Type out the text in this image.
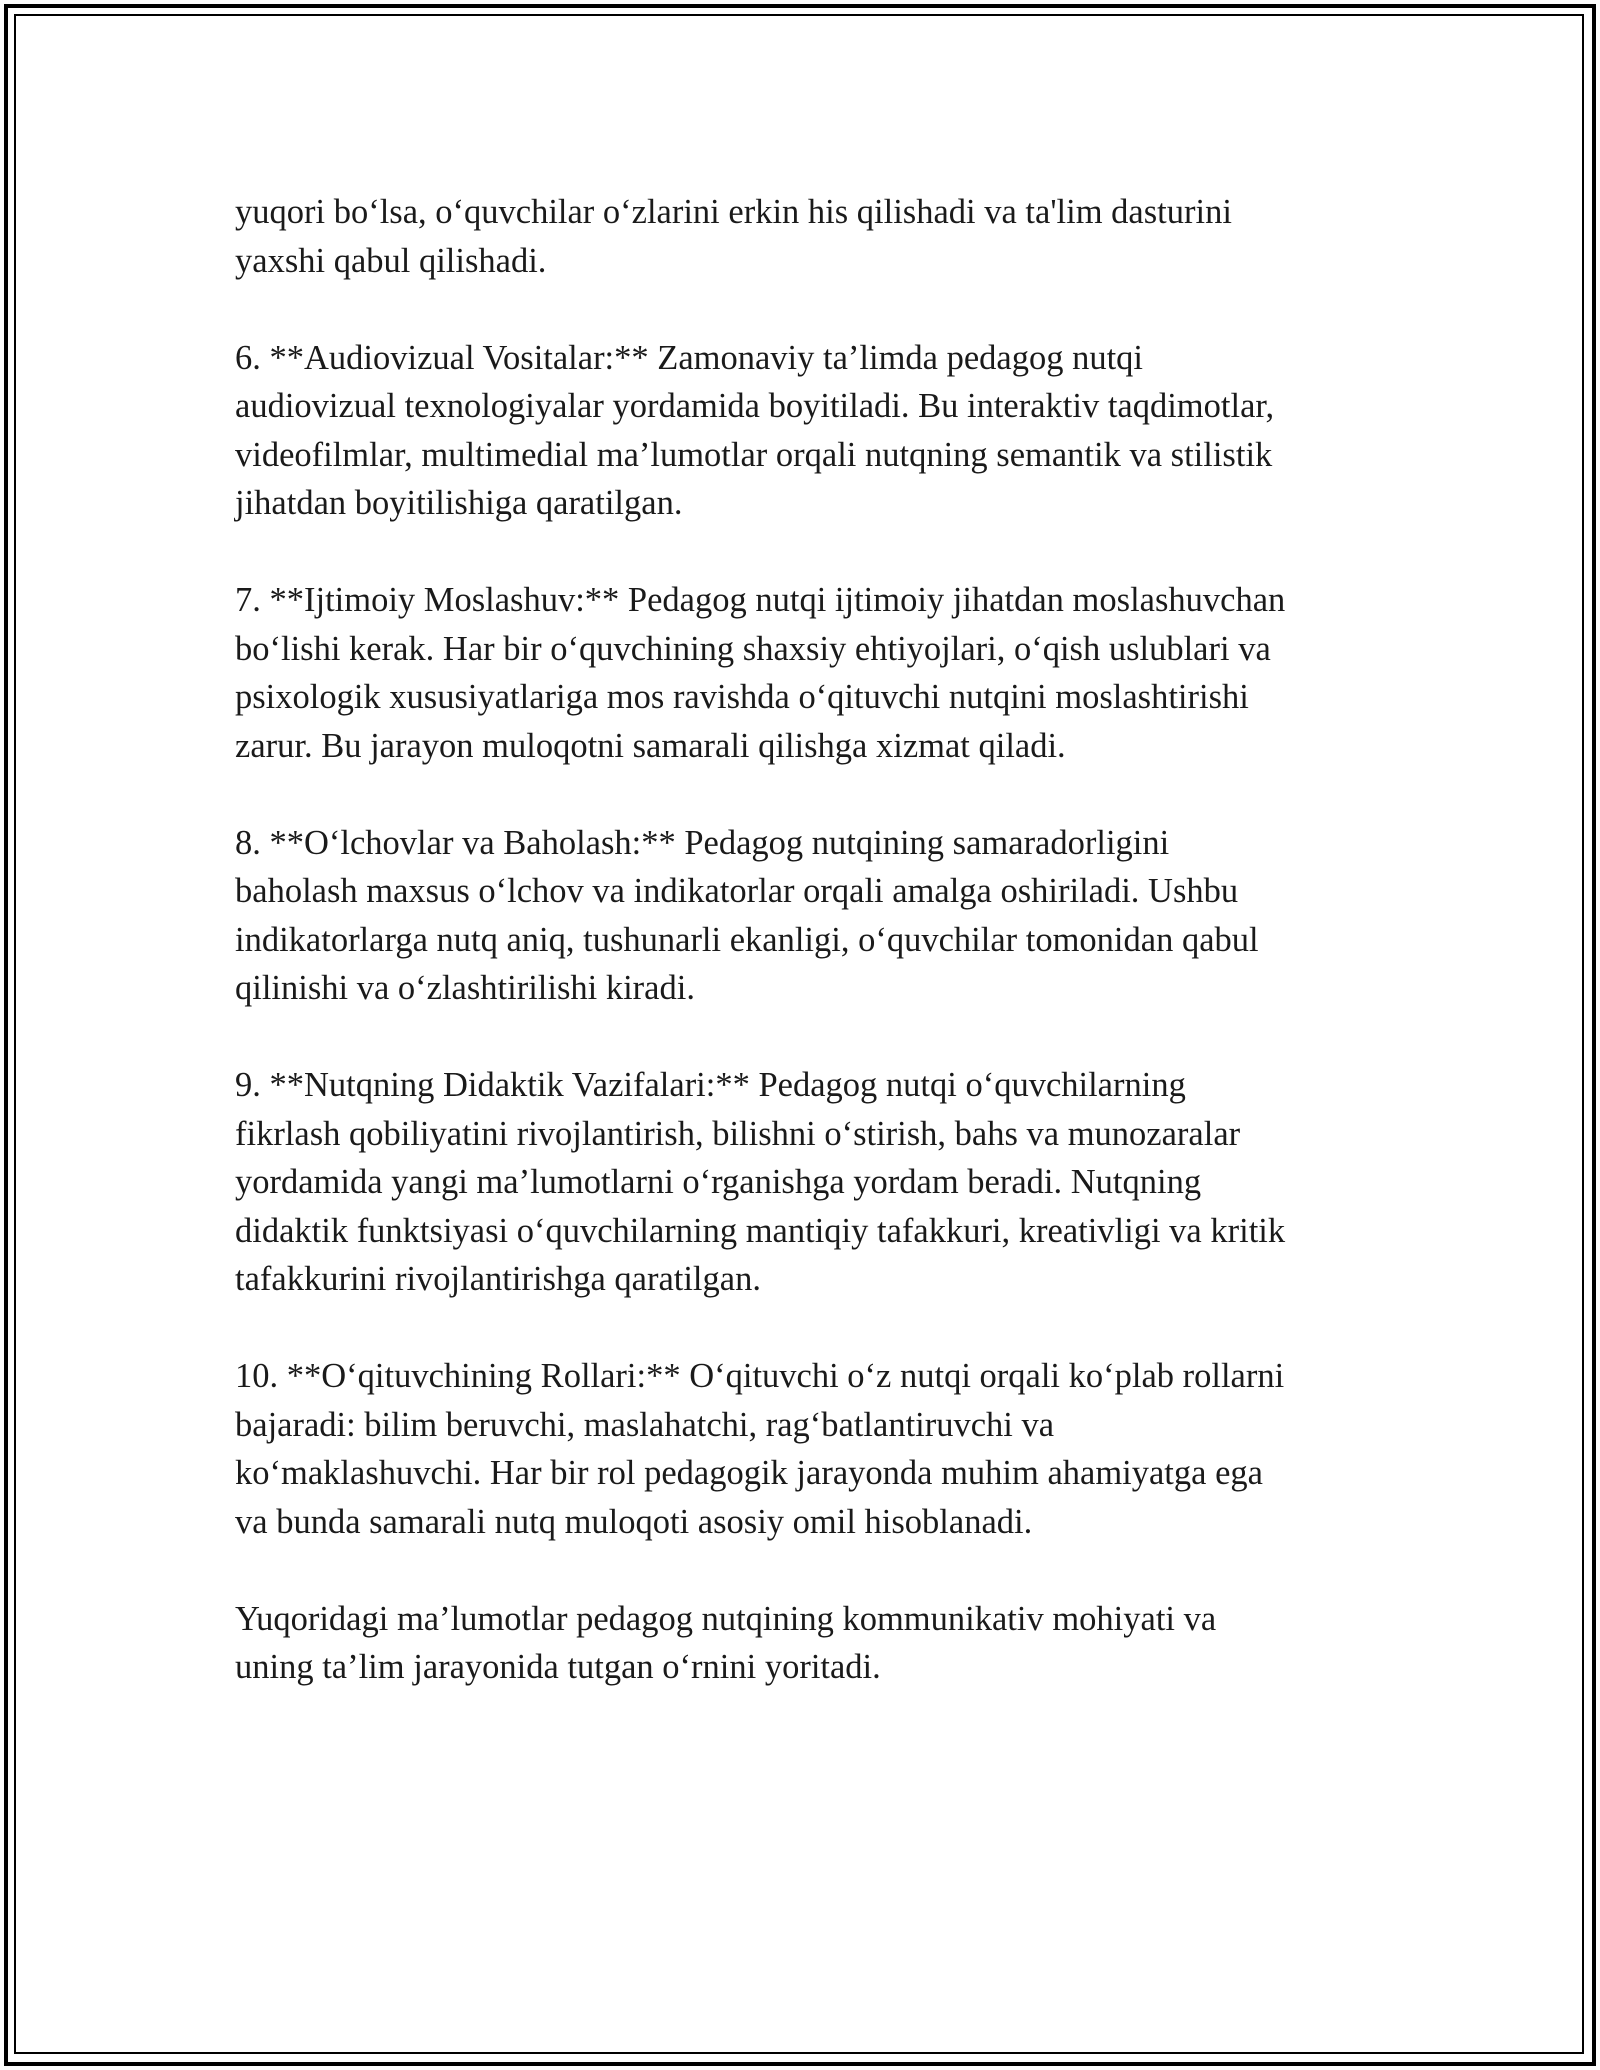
yuqori bo‘lsa, o‘quvchilar o‘zlarini erkin his qilishadi va ta'lim dasturini
yaxshi qabul qilishadi.

6. **Audiovizual Vositalar:** Zamonaviy ta’limda pedagog nutqi
audiovizual texnologiyalar yordamida boyitiladi. Bu interaktiv taqdimotlar,
videofilmlar, multimedial ma’lumotlar orqali nutqning semantik va stilistik
jihatdan boyitilishiga qaratilgan.

7. **Ijtimoiy Moslashuv:** Pedagog nutqi ijtimoiy jihatdan moslashuvchan
bo‘lishi kerak. Har bir o‘quvchining shaxsiy ehtiyojlari, o‘qish uslublari va
psixologik xususiyatlariga mos ravishda o‘qituvchi nutqini moslashtirishi
zarur. Bu jarayon muloqotni samarali qilishga xizmat qiladi.

8. **O‘lchovlar va Baholash:** Pedagog nutqining samaradorligini
baholash maxsus o‘lchov va indikatorlar orqali amalga oshiriladi. Ushbu
indikatorlarga nutq aniq, tushunarli ekanligi, o‘quvchilar tomonidan qabul
qilinishi va o‘zlashtirilishi kiradi.

9. **Nutqning Didaktik Vazifalari:** Pedagog nutqi o‘quvchilarning
fikrlash qobiliyatini rivojlantirish, bilishni o‘stirish, bahs va munozaralar
yordamida yangi ma’lumotlarni o‘rganishga yordam beradi. Nutqning
didaktik funktsiyasi o‘quvchilarning mantiqiy tafakkuri, kreativligi va kritik
tafakkurini rivojlantirishga qaratilgan.

10. **O‘qituvchining Rollari:** O‘qituvchi o‘z nutqi orqali ko‘plab rollarni
bajaradi: bilim beruvchi, maslahatchi, rag‘batlantiruvchi va
ko‘maklashuvchi. Har bir rol pedagogik jarayonda muhim ahamiyatga ega
va bunda samarali nutq muloqoti asosiy omil hisoblanadi.

Yuqoridagi ma’lumotlar pedagog nutqining kommunikativ mohiyati va
uning ta’lim jarayonida tutgan o‘rnini yoritadi.
